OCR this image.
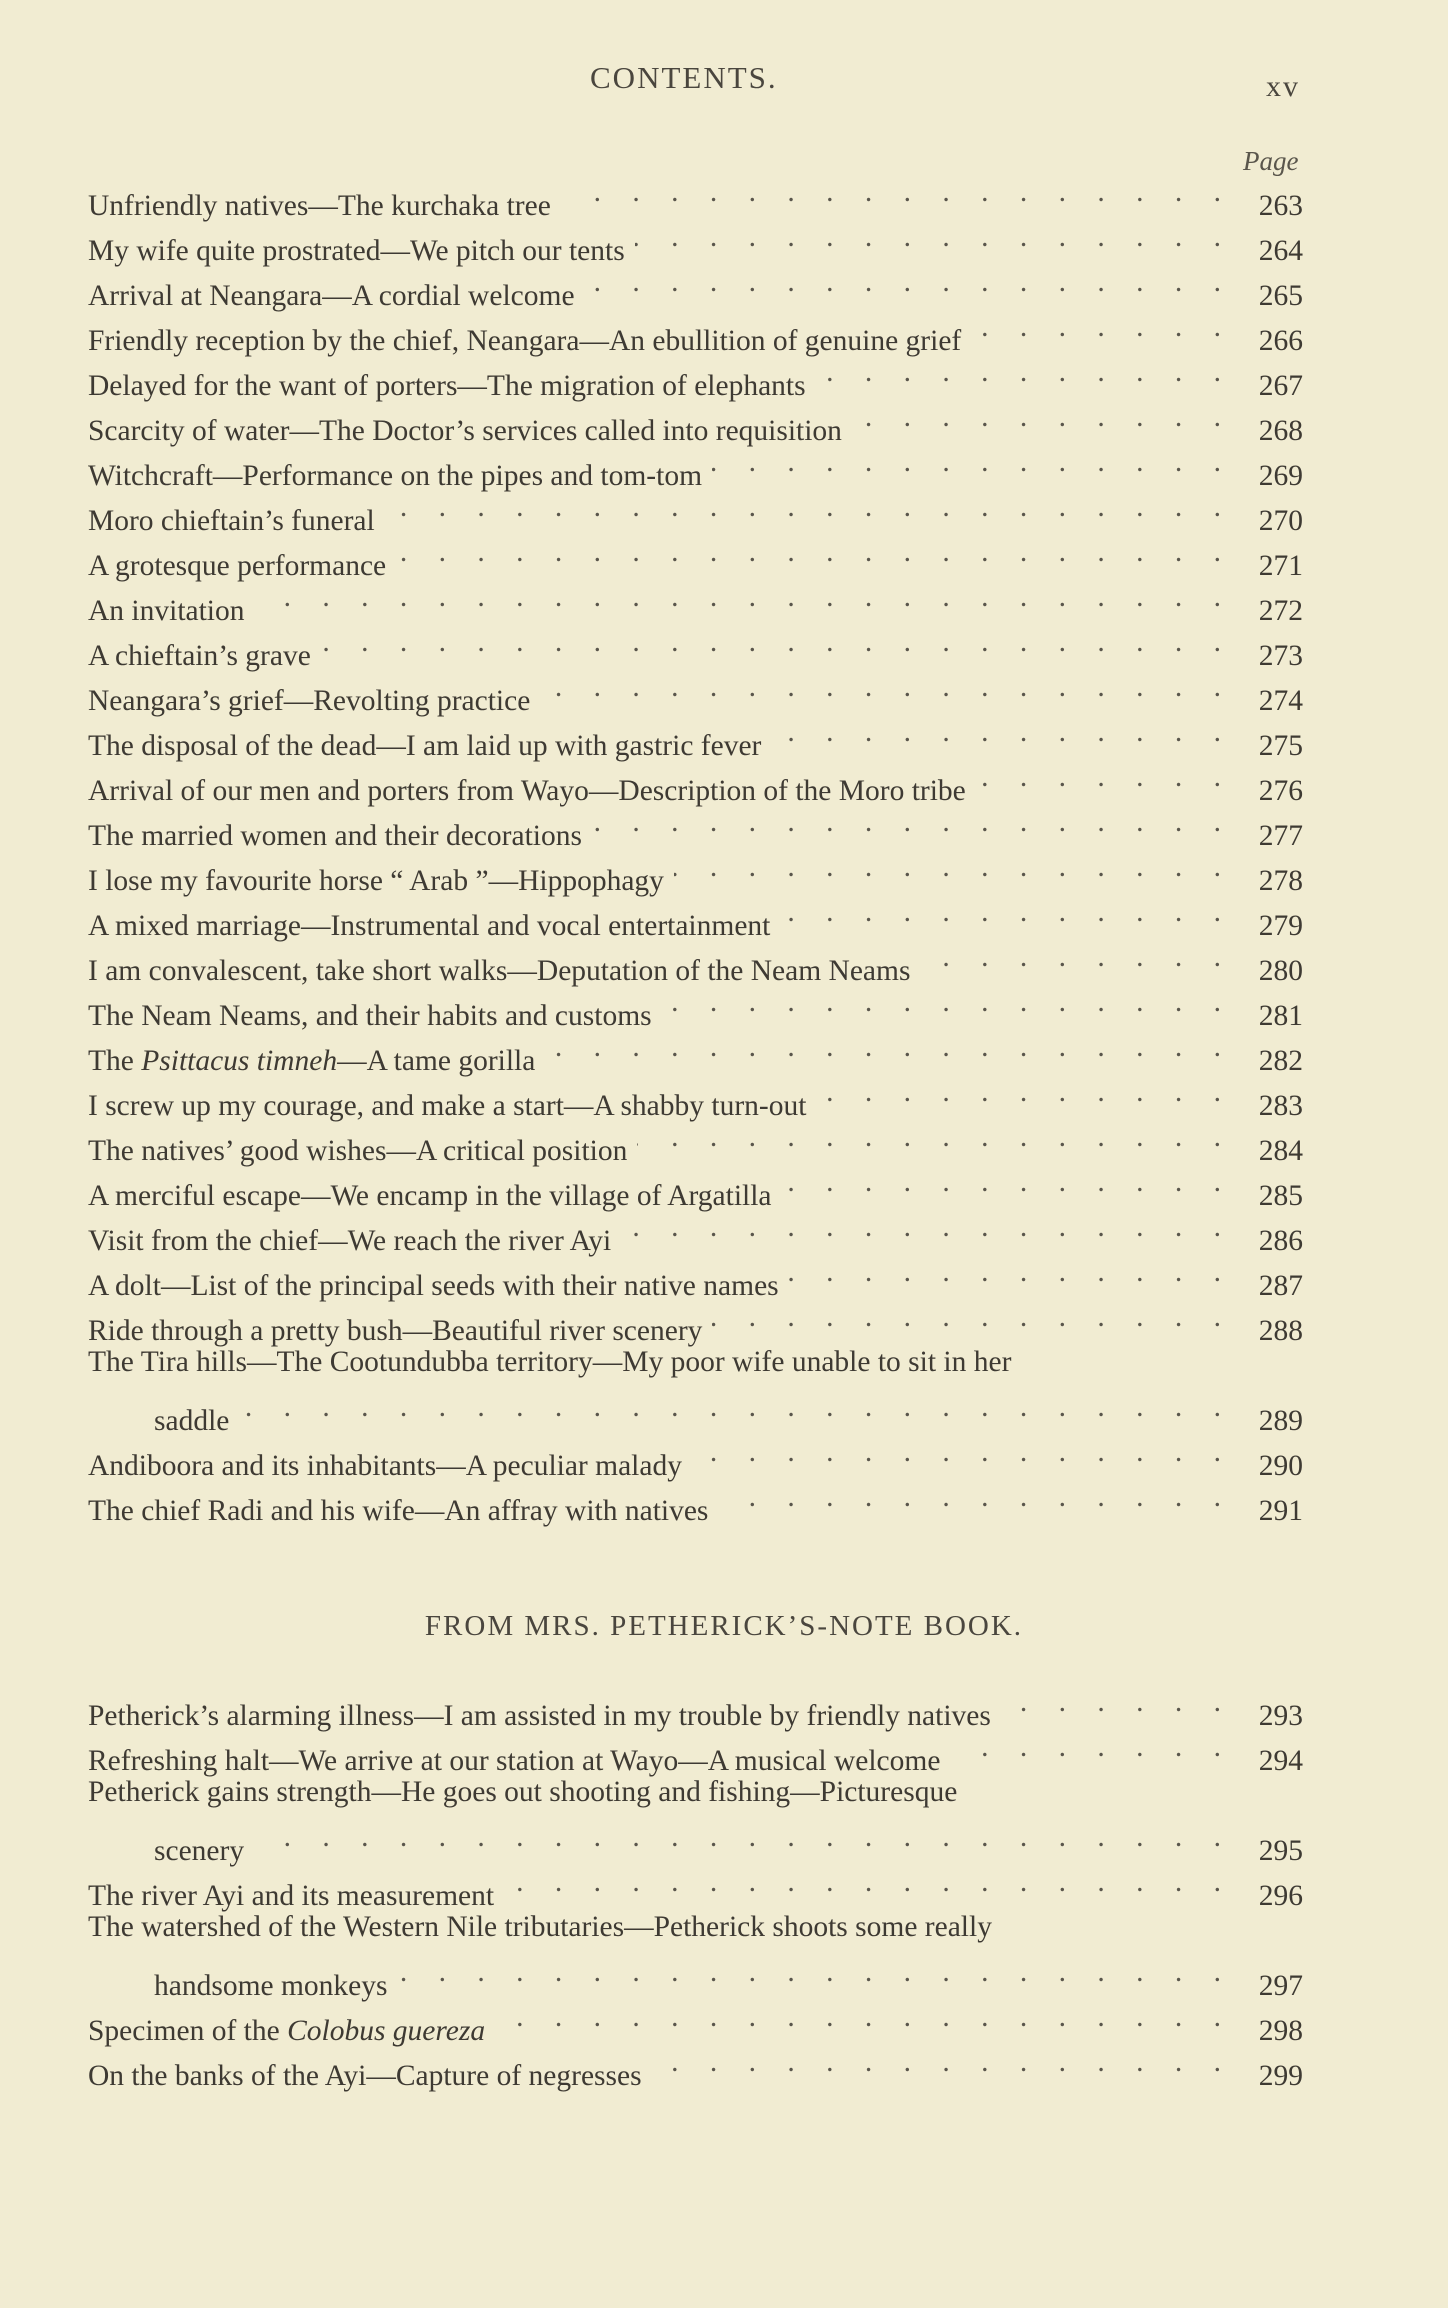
CONTENTS.	xv
Page
Unfriendly natives—The kurchaka tree . . .	263
My wife quite prostrated—We pitch our tents . . .	264
Arrival at Neangara—A cordial welcome . . .	265
Friendly reception by the chief, Neangara—An ebullition of genuine grief . . .	266
Delayed for the want of porters—The migration of elephants . . .	267
Scarcity of water—The Doctor’s services called into requisition . . .	268
Witchcraft—Performance on the pipes and tom-tom . . .	269
Moro chieftain’s funeral . . .	270
A grotesque performance . . .	271
An invitation . . .	272
A chieftain’s grave . . .	273
Neangara’s grief—Revolting practice . . .	274
The disposal of the dead—I am laid up with gastric fever . . .	275
Arrival of our men and porters from Wayo—Description of the Moro tribe . . .	276
The married women and their decorations . . .	277
I lose my favourite horse “ Arab ”—Hippophagy . . .	278
A mixed marriage—Instrumental and vocal entertainment . . .	279
I am convalescent, take short walks—Deputation of the Neam Neams . . .	280
The Neam Neams, and their habits and customs . . .	281
The Psittacus timneh—A tame gorilla . . .	282
I screw up my courage, and make a start—A shabby turn-out . . .	283
The natives’ good wishes—A critical position . . .	284
A merciful escape—We encamp in the village of Argatilla . . .	285
Visit from the chief—We reach the river Ayi . . .	286
A dolt—List of the principal seeds with their native names . . .	287
Ride through a pretty bush—Beautiful river scenery . . .	288
The Tira hills—The Cootundubba territory—My poor wife unable to sit in her
saddle . . .	289
Andiboora and its inhabitants—A peculiar malady . . .	290
The chief Radi and his wife—An affray with natives . . .	291
FROM MRS. PETHERICK’S-NOTE BOOK.
Petherick’s alarming illness—I am assisted in my trouble by friendly natives . . .	293
Refreshing halt—We arrive at our station at Wayo—A musical welcome . . .	294
Petherick gains strength—He goes out shooting and fishing—Picturesque
scenery . . .	295
The river Ayi and its measurement . . .	296
The watershed of the Western Nile tributaries—Petherick shoots some really
handsome monkeys . . .	297
Specimen of the Colobus guereza . . .	298
On the banks of the Ayi—Capture of negresses . . .	299
